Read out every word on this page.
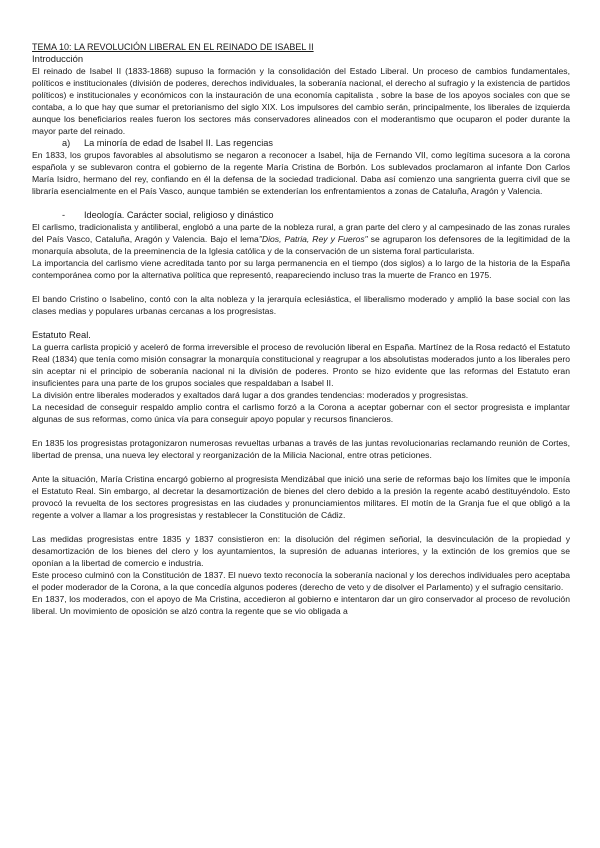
TEMA 10: LA REVOLUCIÓN LIBERAL EN EL REINADO DE ISABEL II

Introducción

El reinado de Isabel II (1833-1868) supuso la formación y la consolidación del Estado Liberal. Un proceso de cambios fundamentales, políticos e institucionales (división de poderes, derechos individuales, la soberanía nacional, el derecho al sufragio y la existencia de partidos políticos) e institucionales y económicos con la instauración de una economía capitalista , sobre la base de los apoyos sociales con que se contaba, a lo que hay que sumar el pretorianismo del siglo XIX. Los impulsores del cambio serán, principalmente, los liberales de izquierda aunque los beneficiarios reales fueron los sectores más conservadores alineados con el moderantismo que ocuparon el poder durante la mayor parte del reinado.

a) La minoría de edad de Isabel II. Las regencias

En 1833, los grupos favorables al absolutismo se negaron a reconocer a Isabel, hija de Fernando VII, como legítima sucesora a la corona española y se sublevaron contra el gobierno de la regente María Cristina de Borbón. Los sublevados proclamaron al infante Don Carlos María Isidro, hermano del rey, confiando en él la defensa de la sociedad tradicional. Daba así comienzo una sangrienta guerra civil que se libraría esencialmente en el País Vasco, aunque también se extenderían los enfrentamientos a zonas de Cataluña, Aragón y Valencia.

- Ideología. Carácter social, religioso y dinástico

El carlismo, tradicionalista y antiliberal, englobó a una parte de la nobleza rural, a gran parte del clero y al campesinado de las zonas rurales del País Vasco, Cataluña, Aragón y Valencia. Bajo el lema"Dios, Patria, Rey y Fueros" se agruparon los defensores de la legitimidad de la monarquía absoluta, de la preeminencia de la Iglesia católica y de la conservación de un sistema foral particularista.

La importancia del carlismo viene acreditada tanto por su larga permanencia en el tiempo (dos siglos) a lo largo de la historia de la España contemporánea como por la alternativa política que representó, reapareciendo incluso tras la muerte de Franco en 1975.

El bando Cristino o Isabelino, contó con la alta nobleza y la jerarquía eclesiástica, el liberalismo moderado y amplió la base social con las clases medias y populares urbanas cercanas a los progresistas.

Estatuto Real.

La guerra carlista propició y aceleró de forma irreversible el proceso de revolución liberal en España. Martínez de la Rosa redactó el Estatuto Real (1834) que tenía como misión consagrar la monarquía constitucional y reagrupar a los absolutistas moderados junto a los liberales pero sin aceptar ni el principio de soberanía nacional ni la división de poderes. Pronto se hizo evidente que las reformas del Estatuto eran insuficientes para una parte de los grupos sociales que respaldaban a Isabel II.

La división entre liberales moderados y exaltados dará lugar a dos grandes tendencias: moderados y progresistas.

La necesidad de conseguir respaldo amplio contra el carlismo forzó a la Corona a aceptar gobernar con el sector progresista e implantar algunas de sus reformas, como única vía para conseguir apoyo popular y recursos financieros.

En 1835 los progresistas protagonizaron numerosas revueltas urbanas a través de las juntas revolucionarias reclamando reunión de Cortes, libertad de prensa, una nueva ley electoral y reorganización de la Milicia Nacional, entre otras peticiones.

Ante la situación, María Cristina encargó gobierno al progresista Mendizábal que inició una serie de reformas bajo los límites que le imponía el Estatuto Real. Sin embargo, al decretar la desamortización de bienes del clero debido a la presión la regente acabó destituyéndolo. Esto provocó la revuelta de los sectores progresistas en las ciudades y pronunciamientos militares. El motín de la Granja fue el que obligó a la regente a volver a llamar a los progresistas y restablecer la Constitución de Cádiz.

Las medidas progresistas entre 1835 y 1837 consistieron en: la disolución del régimen señorial, la desvinculación de la propiedad y desamortización de los bienes del clero y los ayuntamientos, la supresión de aduanas interiores, y la extinción de los gremios que se oponían a la libertad de comercio e industria.

Este proceso culminó con la Constitución de 1837. El nuevo texto reconocía la soberanía nacional y los derechos individuales pero aceptaba el poder moderador de la Corona, a la que concedía algunos poderes (derecho de veto y de disolver el Parlamento) y el sufragio censitario.

En 1837, los moderados, con el apoyo de Ma Cristina, accedieron al gobierno e intentaron dar un giro conservador al proceso de revolución liberal. Un movimiento de oposición se alzó contra la regente que se vio obligada a
